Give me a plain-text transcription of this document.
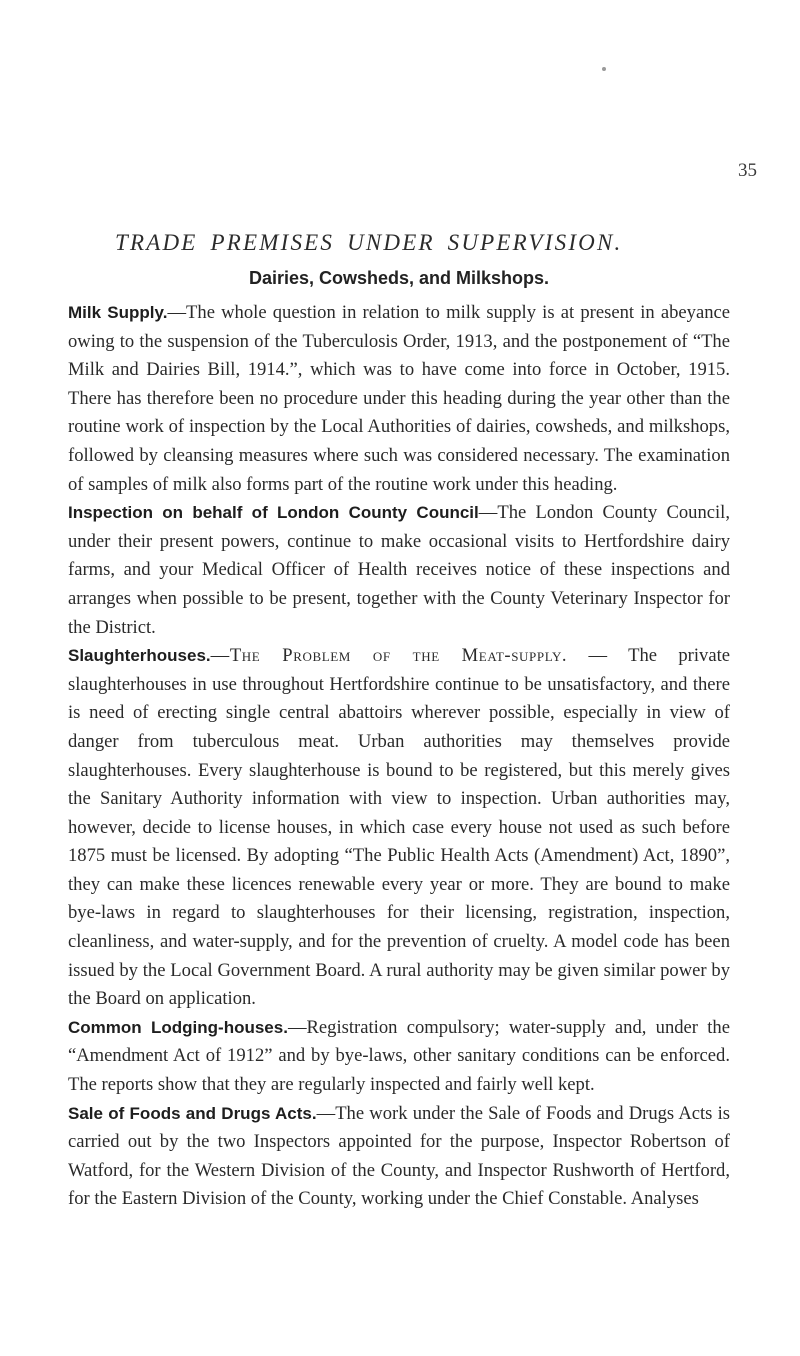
35
TRADE PREMISES UNDER SUPERVISION.
Dairies, Cowsheds, and Milkshops.

Milk Supply.—The whole question in relation to milk supply is at present in abeyance owing to the suspension of the Tuberculosis Order, 1913, and the postponement of “The Milk and Dairies Bill, 1914.”, which was to have come into force in October, 1915. There has therefore been no procedure under this heading during the year other than the routine work of inspection by the Local Authorities of dairies, cowsheds, and milkshops, followed by cleansing measures where such was considered necessary. The examination of samples of milk also forms part of the routine work under this heading.

Inspection on behalf of London County Council—The London County Council, under their present powers, continue to make occasional visits to Hertfordshire dairy farms, and your Medical Officer of Health receives notice of these inspections and arranges when possible to be present, together with the County Veterinary Inspector for the District.

Slaughterhouses.—The Problem of the Meat-supply. — The private slaughterhouses in use throughout Hertfordshire continue to be unsatisfactory, and there is need of erecting single central abattoirs wherever possible, especially in view of danger from tuberculous meat. Urban authorities may themselves provide slaughterhouses. Every slaughterhouse is bound to be registered, but this merely gives the Sanitary Authority information with view to inspection. Urban authorities may, however, decide to license houses, in which case every house not used as such before 1875 must be licensed. By adopting “The Public Health Acts (Amendment) Act, 1890”, they can make these licences renewable every year or more. They are bound to make bye-laws in regard to slaughterhouses for their licensing, registration, inspection, cleanliness, and water-supply, and for the prevention of cruelty. A model code has been issued by the Local Government Board. A rural authority may be given similar power by the Board on application.

Common Lodging-houses.—Registration compulsory; water-supply and, under the “Amendment Act of 1912” and by bye-laws, other sanitary conditions can be enforced. The reports show that they are regularly inspected and fairly well kept.

Sale of Foods and Drugs Acts.—The work under the Sale of Foods and Drugs Acts is carried out by the two Inspectors appointed for the purpose, Inspector Robertson of Watford, for the Western Division of the County, and Inspector Rushworth of Hertford, for the Eastern Division of the County, working under the Chief Constable. Analyses
